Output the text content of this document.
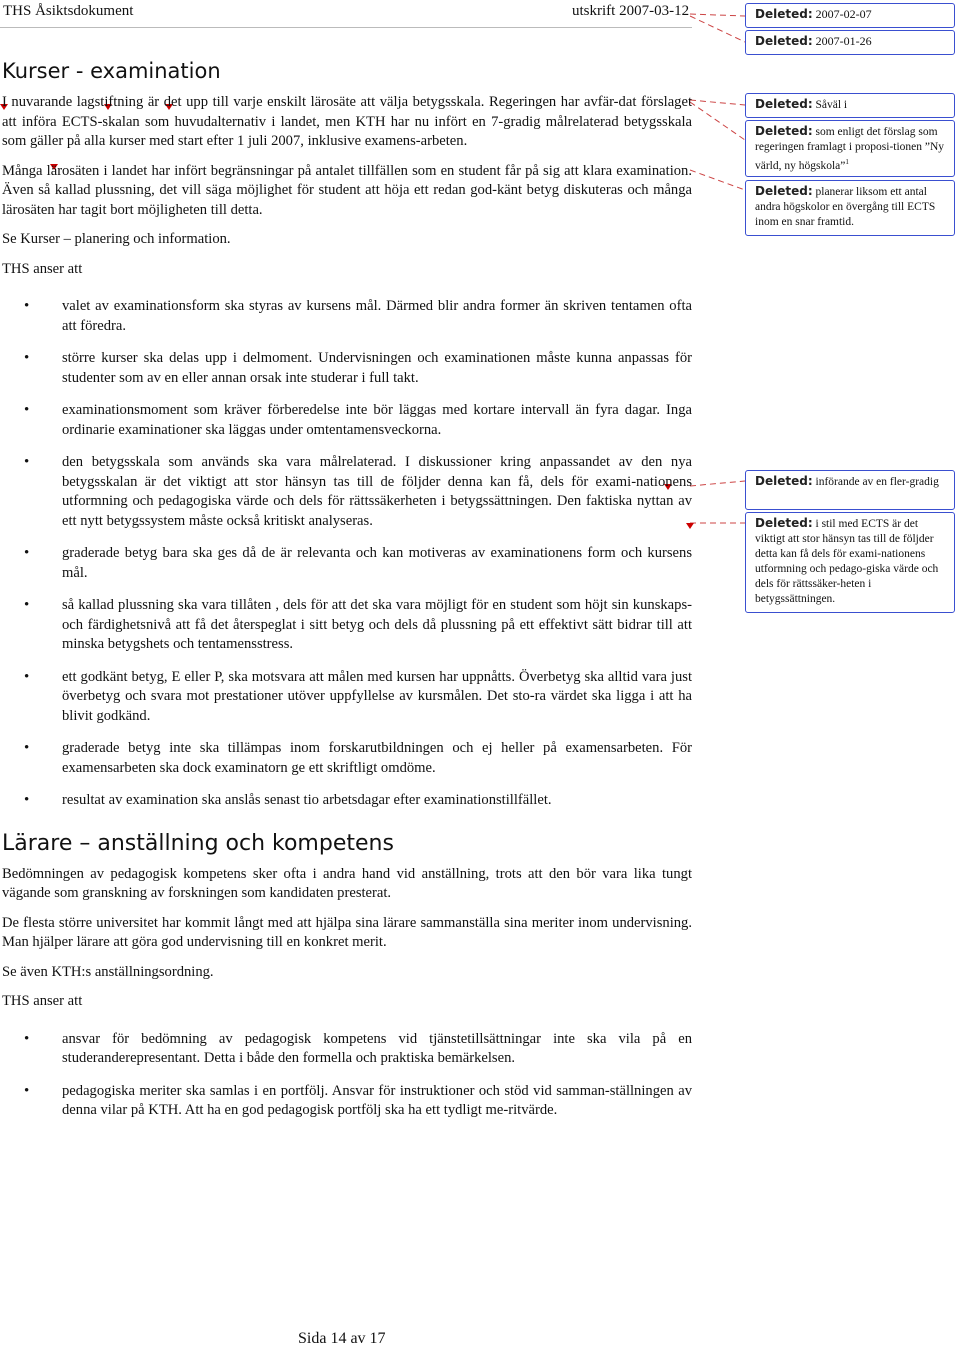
THS Åsiktsdokument	utskrift 2007-03-12
Kurser - examination

I nuvarande lagstiftning är det upp till varje enskilt lärosäte att välja betygsskala. Regeringen har avfär-dat förslaget att införa ECTS-skalan som huvudalternativ i landet, men KTH har nu infört en 7-gradig målrelaterad betygsskala som gäller på alla kurser med start efter 1 juli 2007, inklusive examens-arbeten.

Många lärosäten i landet har infört begränsningar på antalet tillfällen som en student får på sig att klara examination. Även så kallad plussning, det vill säga möjlighet för student att höja ett redan god-känt betyg diskuteras och många lärosäten har tagit bort möjligheten till detta.

Se Kurser – planering och information.

THS anser att

• valet av examinationsform ska styras av kursens mål. Därmed blir andra former än skriven tentamen ofta att föredra.
• större kurser ska delas upp i delmoment. Undervisningen och examinationen måste kunna anpassas för studenter som av en eller annan orsak inte studerar i full takt.
• examinationsmoment som kräver förberedelse inte bör läggas med kortare intervall än fyra dagar. Inga ordinarie examinationer ska läggas under omtentamensveckorna.
• den betygsskala som används ska vara målrelaterad. I diskussioner kring anpassandet av den nya betygsskalan är det viktigt att stor hänsyn tas till de följder denna kan få, dels för exami-nationens utformning och pedagogiska värde och dels för rättssäkerheten i betygssättningen. Den faktiska nyttan av ett nytt betygssystem måste också kritiskt analyseras.
• graderade betyg bara ska ges då de är relevanta och kan motiveras av examinationens form och kursens mål.
• så kallad plussning ska vara tillåten , dels för att det ska vara möjligt för en student som höjt sin kunskaps- och färdighetsnivå att få det återspeglat i sitt betyg och dels då plussning på ett effektivt sätt bidrar till att minska betygshets och tentamensstress.
• ett godkänt betyg, E eller P, ska motsvara att målen med kursen har uppnåtts. Överbetyg ska alltid vara just överbetyg och svara mot prestationer utöver uppfyllelse av kursmålen. Det sto-ra värdet ska ligga i att ha blivit godkänd.
• graderade betyg inte ska tillämpas inom forskarutbildningen och ej heller på examensarbeten. För examensarbeten ska dock examinatorn ge ett skriftligt omdöme.
• resultat av examination ska anslås senast tio arbetsdagar efter examinationstillfället.
Lärare – anställning och kompetens

Bedömningen av pedagogisk kompetens sker ofta i andra hand vid anställning, trots att den bör vara lika tungt vägande som granskning av forskningen som kandidaten presterat.

De flesta större universitet har kommit långt med att hjälpa sina lärare sammanställa sina meriter inom undervisning. Man hjälper lärare att göra god undervisning till en konkret merit.

Se även KTH:s anställningsordning.

THS anser att

• ansvar för bedömning av pedagogisk kompetens vid tjänstetillsättningar inte ska vila på en studeranderepresentant. Detta i både den formella och praktiska bemärkelsen.
• pedagogiska meriter ska samlas i en portfölj. Ansvar för instruktioner och stöd vid samman-ställningen av denna vilar på KTH. Att ha en god pedagogisk portfölj ska ha ett tydligt me-ritvärde.
Deleted: 2007-02-07
Deleted: 2007-01-26
Deleted: Såväl i
Deleted: som enligt det förslag som regeringen framlagt i proposi-tionen ”Ny värld, ny högskola”$^1$
Deleted: planerar liksom ett antal andra högskolor en övergång till ECTS inom en snar framtid.
Deleted: införande av en fler-gradig
Deleted: i stil med ECTS är det viktigt att stor hänsyn tas till de följder detta kan få dels för exami-nationens utformning och pedago-giska värde och dels för rättssäker-heten i betygssättningen.
Sida 14 av 17
